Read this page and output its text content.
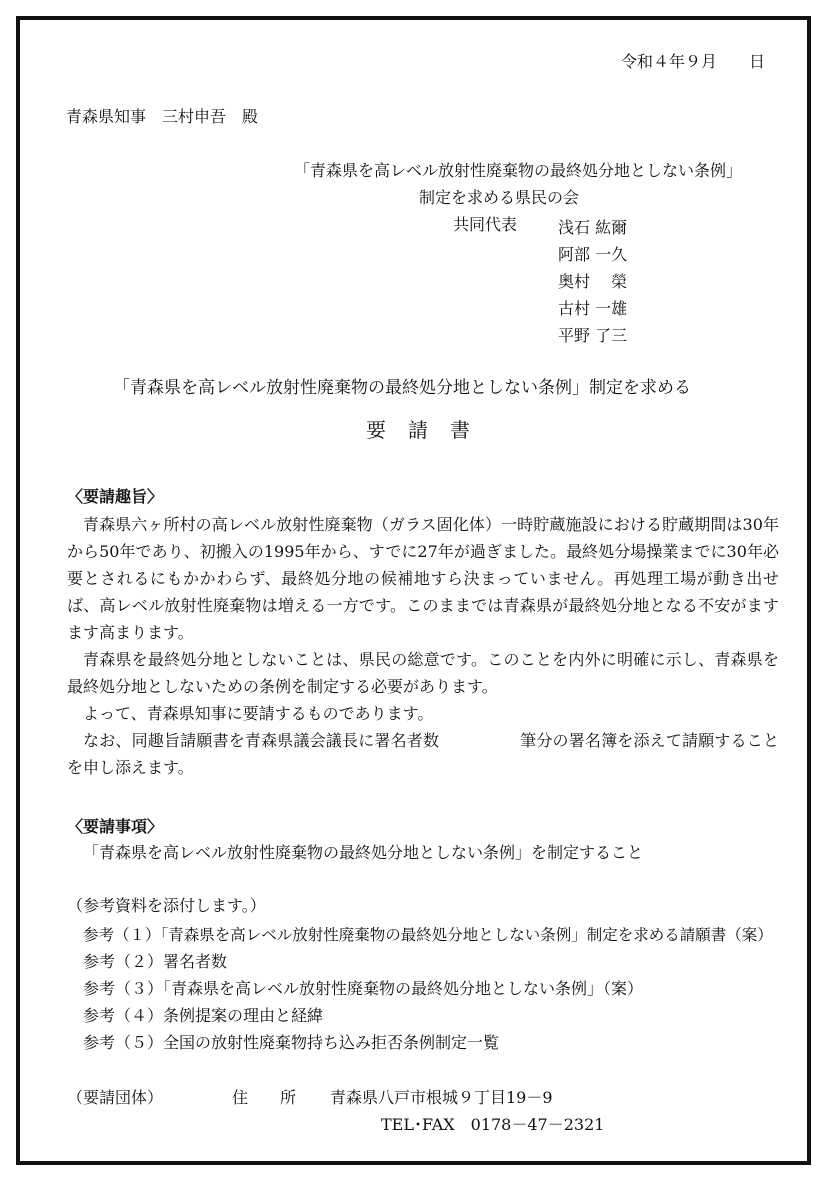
令和４年９月　　日
青森県知事　三村申吾　殿
「青森県を高レベル放射性廃棄物の最終処分地としない条例」
制定を求める県民の会
共同代表	浅石 紘爾
阿部 一久
奥村　 榮
古村 一雄
平野 了三
「青森県を高レベル放射性廃棄物の最終処分地としない条例」制定を求める
要請書
〈要請趣旨〉
青森県六ヶ所村の高レベル放射性廃棄物（ガラス固化体）一時貯蔵施設における貯蔵期間は30年から50年であり、初搬入の1995年から、すでに27年が過ぎました。最終処分場操業までに30年必要とされるにもかかわらず、最終処分地の候補地すら決まっていません。再処理工場が動き出せば、高レベル放射性廃棄物は増える一方です。このままでは青森県が最終処分地となる不安がますます高まります。
青森県を最終処分地としないことは、県民の総意です。このことを内外に明確に示し、青森県を最終処分地としないための条例を制定する必要があります。
よって、青森県知事に要請するものであります。
なお、同趣旨請願書を青森県議会議長に署名者数　　　　　筆分の署名簿を添えて請願することを申し添えます。
〈要請事項〉
「青森県を高レベル放射性廃棄物の最終処分地としない条例」を制定すること
（参考資料を添付します。）
参考（１）「青森県を高レベル放射性廃棄物の最終処分地としない条例」制定を求める請願書（案）
参考（２）署名者数
参考（３）「青森県を高レベル放射性廃棄物の最終処分地としない条例」（案）
参考（４）条例提案の理由と経緯
参考（５）全国の放射性廃棄物持ち込み拒否条例制定一覧
（要請団体）	住　　所 青森県八戸市根城９丁目19－9
TEL･FAX　0178－47－2321
